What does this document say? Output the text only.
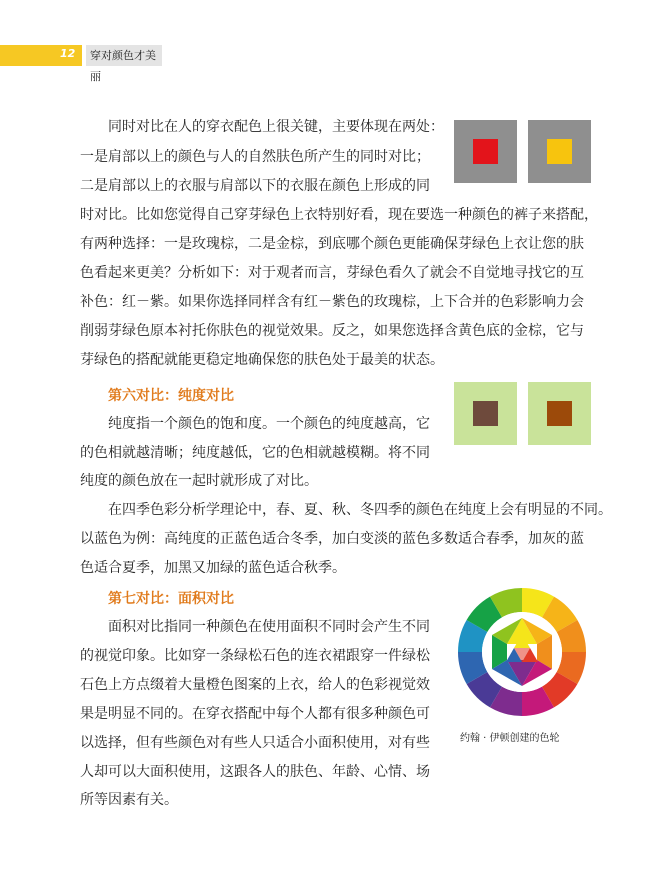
12	穿对颜色才美丽
同时对比在人的穿衣配色上很关键，主要体现在两处：
一是肩部以上的颜色与人的自然肤色所产生的同时对比；
二是肩部以上的衣服与肩部以下的衣服在颜色上形成的同
时对比。比如您觉得自己穿芽绿色上衣特别好看，现在要选一种颜色的裤子来搭配，
有两种选择：一是玫瑰棕，二是金棕，到底哪个颜色更能确保芽绿色上衣让您的肤
色看起来更美？分析如下：对于观者而言，芽绿色看久了就会不自觉地寻找它的互
补色：红－紫。如果你选择同样含有红－紫色的玫瑰棕，上下合并的色彩影响力会
削弱芽绿色原本衬托你肤色的视觉效果。反之，如果您选择含黄色底的金棕，它与
芽绿色的搭配就能更稳定地确保您的肤色处于最美的状态。
第六对比：纯度对比
纯度指一个颜色的饱和度。一个颜色的纯度越高，它
的色相就越清晰；纯度越低，它的色相就越模糊。将不同
纯度的颜色放在一起时就形成了对比。
在四季色彩分析学理论中，春、夏、秋、冬四季的颜色在纯度上会有明显的不同。
以蓝色为例：高纯度的正蓝色适合冬季，加白变淡的蓝色多数适合春季，加灰的蓝
色适合夏季，加黑又加绿的蓝色适合秋季。
第七对比：面积对比
面积对比指同一种颜色在使用面积不同时会产生不同
的视觉印象。比如穿一条绿松石色的连衣裙跟穿一件绿松
石色上方点缀着大量橙色图案的上衣，给人的色彩视觉效
果是明显不同的。在穿衣搭配中每个人都有很多种颜色可
以选择，但有些颜色对有些人只适合小面积使用，对有些
人却可以大面积使用，这跟各人的肤色、年龄、心情、场
所等因素有关。
约翰 · 伊顿创建的色轮
